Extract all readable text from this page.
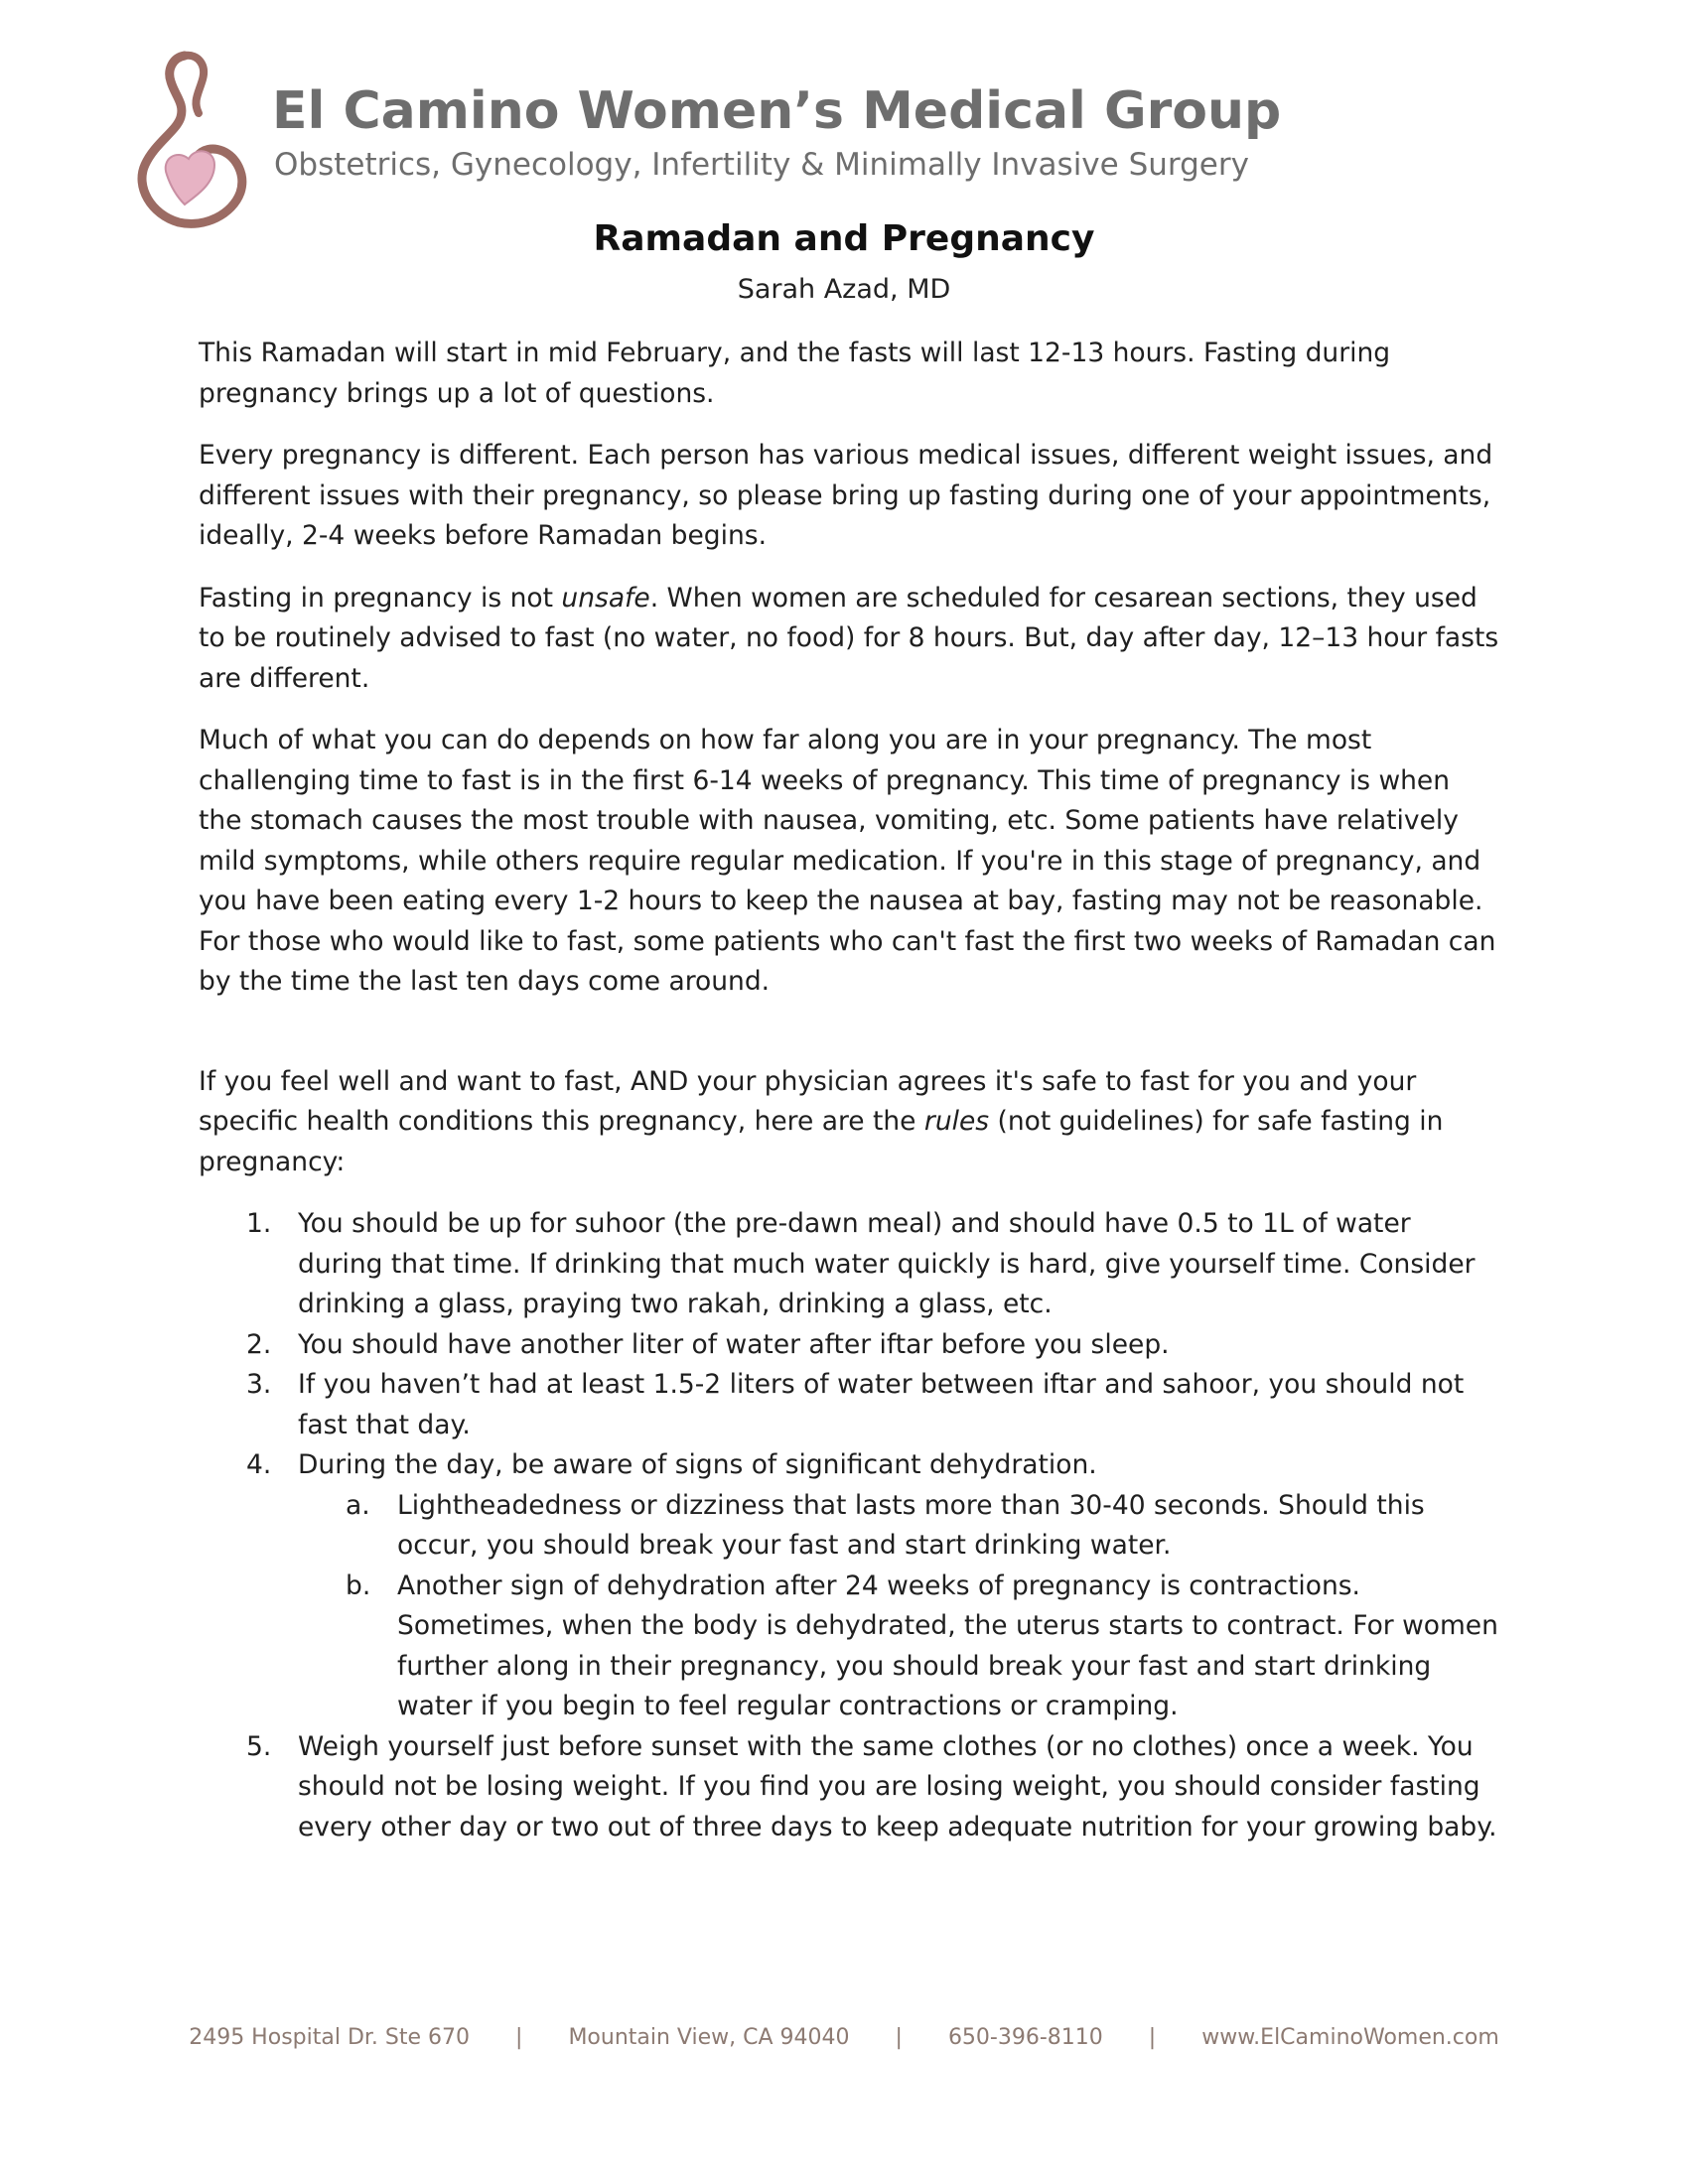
El Camino Women’s Medical Group
Obstetrics, Gynecology, Infertility & Minimally Invasive Surgery
Ramadan and Pregnancy
Sarah Azad, MD

This Ramadan will start in mid February, and the fasts will last 12-13 hours. Fasting during pregnancy brings up a lot of questions.

Every pregnancy is different. Each person has various medical issues, different weight issues, and different issues with their pregnancy, so please bring up fasting during one of your appointments, ideally, 2-4 weeks before Ramadan begins.

Fasting in pregnancy is not unsafe. When women are scheduled for cesarean sections, they used to be routinely advised to fast (no water, no food) for 8 hours. But, day after day, 12–13 hour fasts are different.

Much of what you can do depends on how far along you are in your pregnancy. The most challenging time to fast is in the first 6-14 weeks of pregnancy. This time of pregnancy is when the stomach causes the most trouble with nausea, vomiting, etc. Some patients have relatively mild symptoms, while others require regular medication. If you're in this stage of pregnancy, and you have been eating every 1-2 hours to keep the nausea at bay, fasting may not be reasonable. For those who would like to fast, some patients who can't fast the first two weeks of Ramadan can by the time the last ten days come around.

If you feel well and want to fast, AND your physician agrees it's safe to fast for you and your specific health conditions this pregnancy, here are the rules (not guidelines) for safe fasting in pregnancy:

1. You should be up for suhoor (the pre-dawn meal) and should have 0.5 to 1L of water during that time. If drinking that much water quickly is hard, give yourself time. Consider drinking a glass, praying two rakah, drinking a glass, etc.
2. You should have another liter of water after iftar before you sleep.
3. If you haven’t had at least 1.5-2 liters of water between iftar and sahoor, you should not fast that day.
4. During the day, be aware of signs of significant dehydration.
a. Lightheadedness or dizziness that lasts more than 30-40 seconds. Should this occur, you should break your fast and start drinking water.
b. Another sign of dehydration after 24 weeks of pregnancy is contractions. Sometimes, when the body is dehydrated, the uterus starts to contract. For women further along in their pregnancy, you should break your fast and start drinking water if you begin to feel regular contractions or cramping.
5. Weigh yourself just before sunset with the same clothes (or no clothes) once a week. You should not be losing weight. If you find you are losing weight, you should consider fasting every other day or two out of three days to keep adequate nutrition for your growing baby.
2495 Hospital Dr. Ste 670 | Mountain View, CA 94040 | 650-396-8110 | www.ElCaminoWomen.com
